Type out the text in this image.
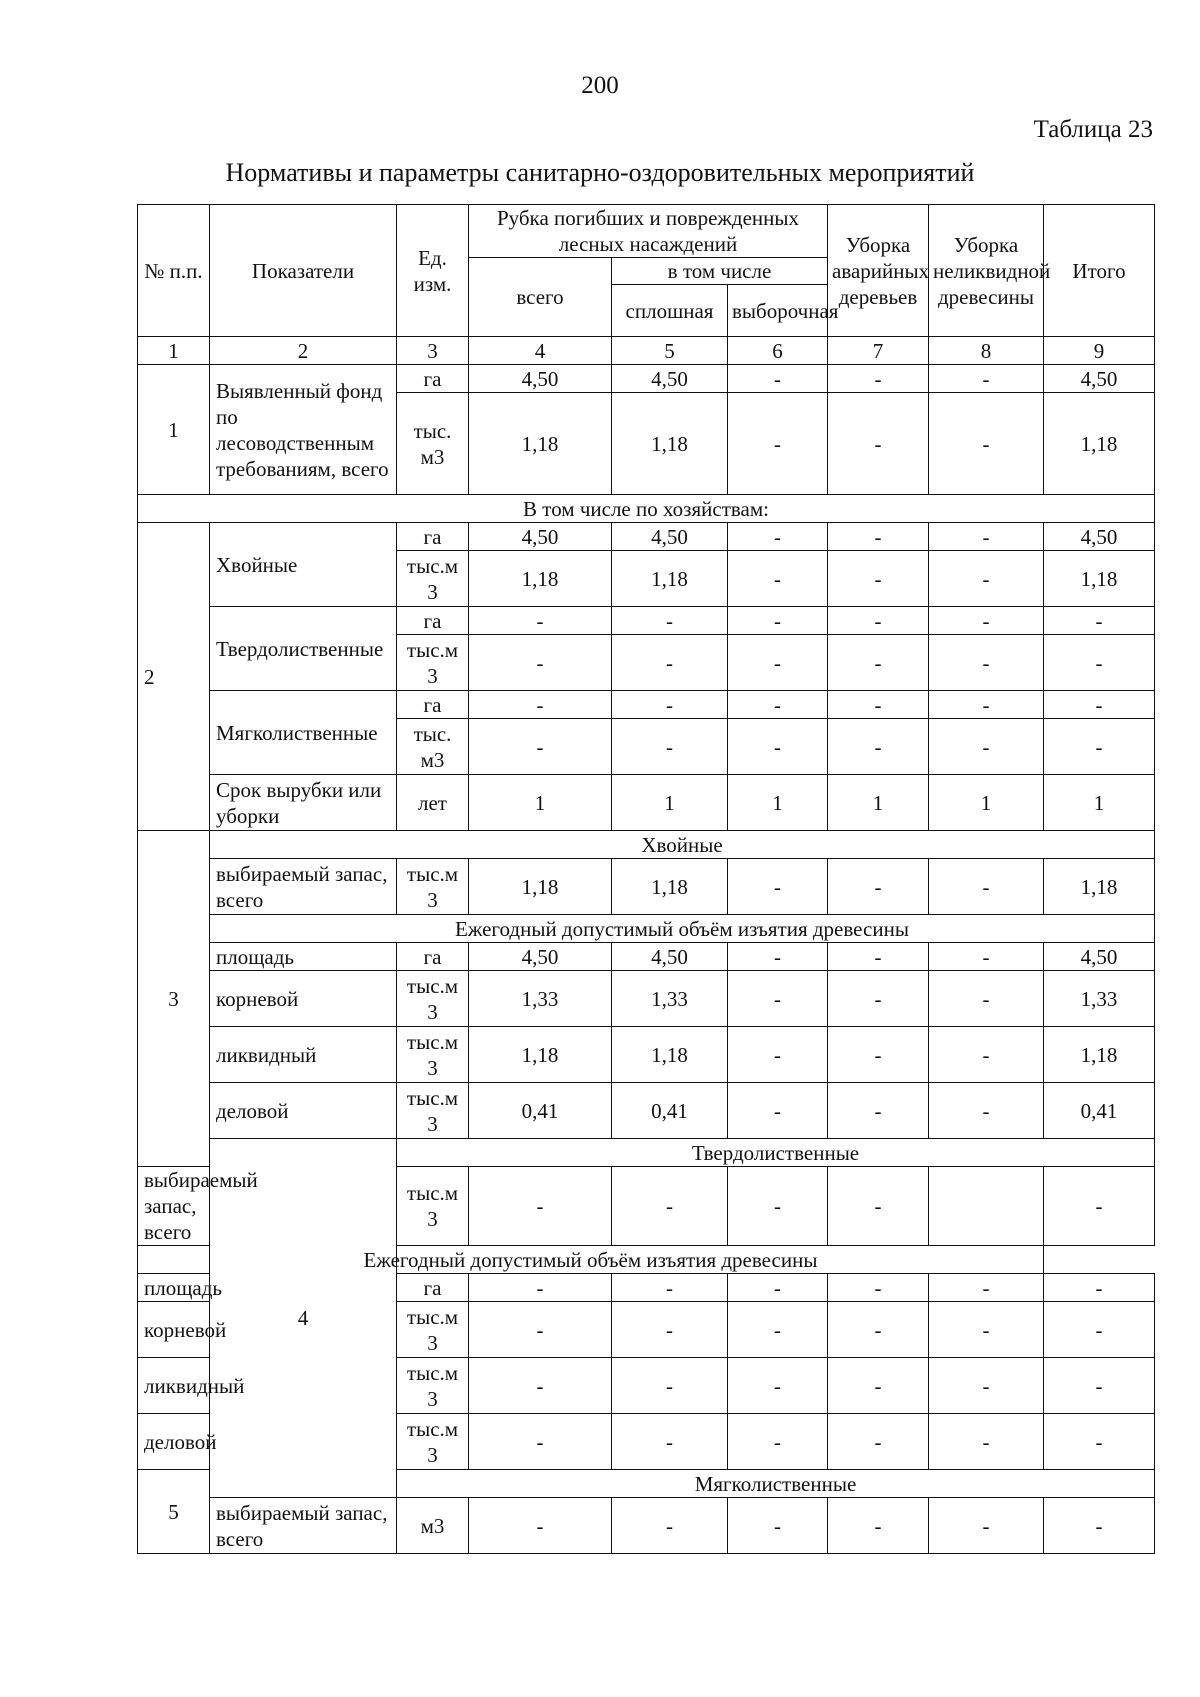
200
Таблица 23
Нормативы и параметры санитарно-оздоровительных мероприятий
№ п.п.	Показатели	Ед. изм.	Рубка погибших и поврежденных лесных насаждений			Уборка аварийных деревьев	Уборка неликвидной древесины	Итого
			всего	в том числе				
				сплошная	выборочная			

1	2	3	4	5	6	7	8	9
1	Выявленный фонд по лесоводственным требованиям, всего	га	4,50	4,50	-	-	-	4,50
		тыс. м3	1,18	1,18	-	-	-	1,18
В том числе по хозяйствам:								
2	Хвойные	га	4,50	4,50	-	-	-	4,50
		тыс.м 3	1,18	1,18	-	-	-	1,18
	Твердолиственные	га	-	-	-	-	-	-
		тыс.м 3	-	-	-	-	-	-
	Мягколиственные	га	-	-	-	-	-	-
		тыс. м3	-	-	-	-	-	-
	Срок вырубки или уборки	лет	1	1	1	1	1	1
3	Хвойные							
	выбираемый запас, всего	тыс.м 3	1,18	1,18	-	-	-	1,18
	Ежегодный допустимый объём изъятия древесины							
	площадь	га	4,50	4,50	-	-	-	4,50
	корневой	тыс.м 3	1,33	1,33	-	-	-	1,33
	ликвидный	тыс.м 3	1,18	1,18	-	-	-	1,18
	деловой	тыс.м 3	0,41	0,41	-	-	-	0,41
	4	Твердолиственные						
выбираемый запас, всего		тыс.м 3	-	-	-	-		-
Ежегодный допустимый объём изъятия древесины								
площадь		га	-	-	-	-	-	-
корневой		тыс.м 3	-	-	-	-	-	-
ликвидный		тыс.м 3	-	-	-	-	-	-
деловой		тыс.м 3	-	-	-	-	-	-
5		Мягколиственные						
	выбираемый запас, всего	м3	-	-	-	-	-	-
